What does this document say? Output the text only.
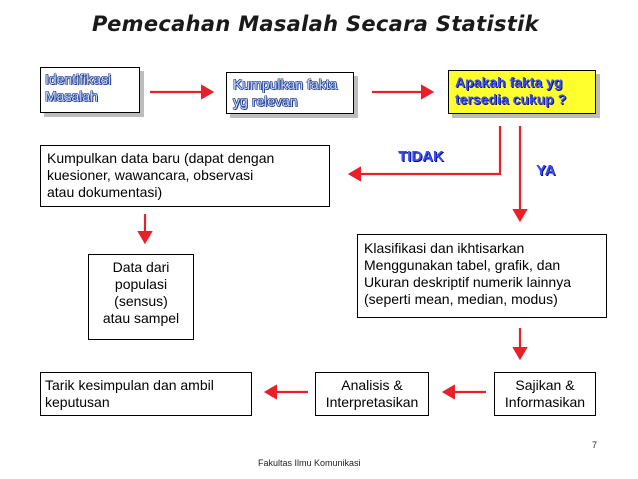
Pemecahan Masalah Secara Statistik
Identifikasi
Masalah
Kumpulkan fakta
yg relevan
Apakah fakta yg
tersedia cukup ?
Kumpulkan data baru (dapat dengan
kuesioner, wawancara, observasi
atau dokumentasi)
TIDAK
YA
Data dari
populasi
(sensus)
atau sampel
Klasifikasi dan ikhtisarkan
Menggunakan tabel, grafik, dan
Ukuran deskriptif numerik lainnya
(seperti mean, median, modus)
Tarik kesimpulan dan ambil
keputusan
Analisis &
Interpretasikan
Sajikan &
Informasikan
7
Fakultas Ilmu Komunikasi
